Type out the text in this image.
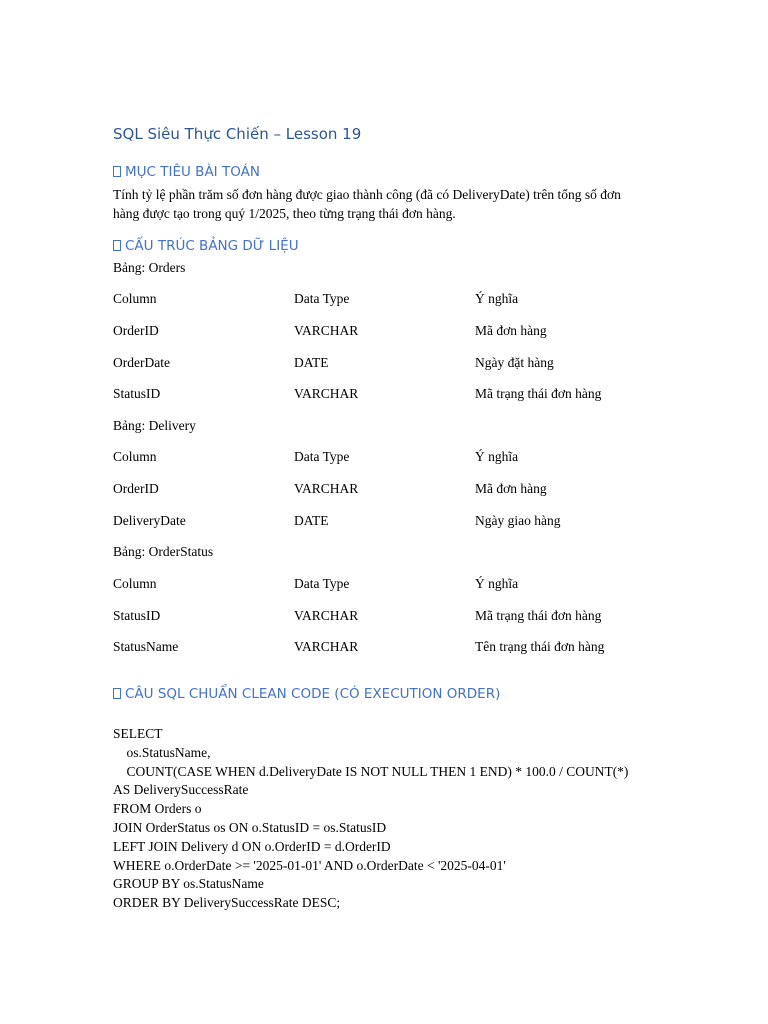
SQL Siêu Thực Chiến – Lesson 19
MỤC TIÊU BÀI TOÁN
Tính tỷ lệ phần trăm số đơn hàng được giao thành công (đã có DeliveryDate) trên tổng số đơn hàng được tạo trong quý 1/2025, theo từng trạng thái đơn hàng.
CẤU TRÚC BẢNG DỮ LIỆU
Bảng: Orders
Column	Data Type	Ý nghĩa
OrderID	VARCHAR	Mã đơn hàng
OrderDate	DATE	Ngày đặt hàng
StatusID	VARCHAR	Mã trạng thái đơn hàng
Bảng: Delivery
Column	Data Type	Ý nghĩa
OrderID	VARCHAR	Mã đơn hàng
DeliveryDate	DATE	Ngày giao hàng
Bảng: OrderStatus
Column	Data Type	Ý nghĩa
StatusID	VARCHAR	Mã trạng thái đơn hàng
StatusName	VARCHAR	Tên trạng thái đơn hàng
CÂU SQL CHUẨN CLEAN CODE (CÓ EXECUTION ORDER)
SELECT
os.StatusName,
COUNT(CASE WHEN d.DeliveryDate IS NOT NULL THEN 1 END) * 100.0 / COUNT(*)
AS DeliverySuccessRate
FROM Orders o
JOIN OrderStatus os ON o.StatusID = os.StatusID
LEFT JOIN Delivery d ON o.OrderID = d.OrderID
WHERE o.OrderDate >= '2025-01-01' AND o.OrderDate < '2025-04-01'
GROUP BY os.StatusName
ORDER BY DeliverySuccessRate DESC;
